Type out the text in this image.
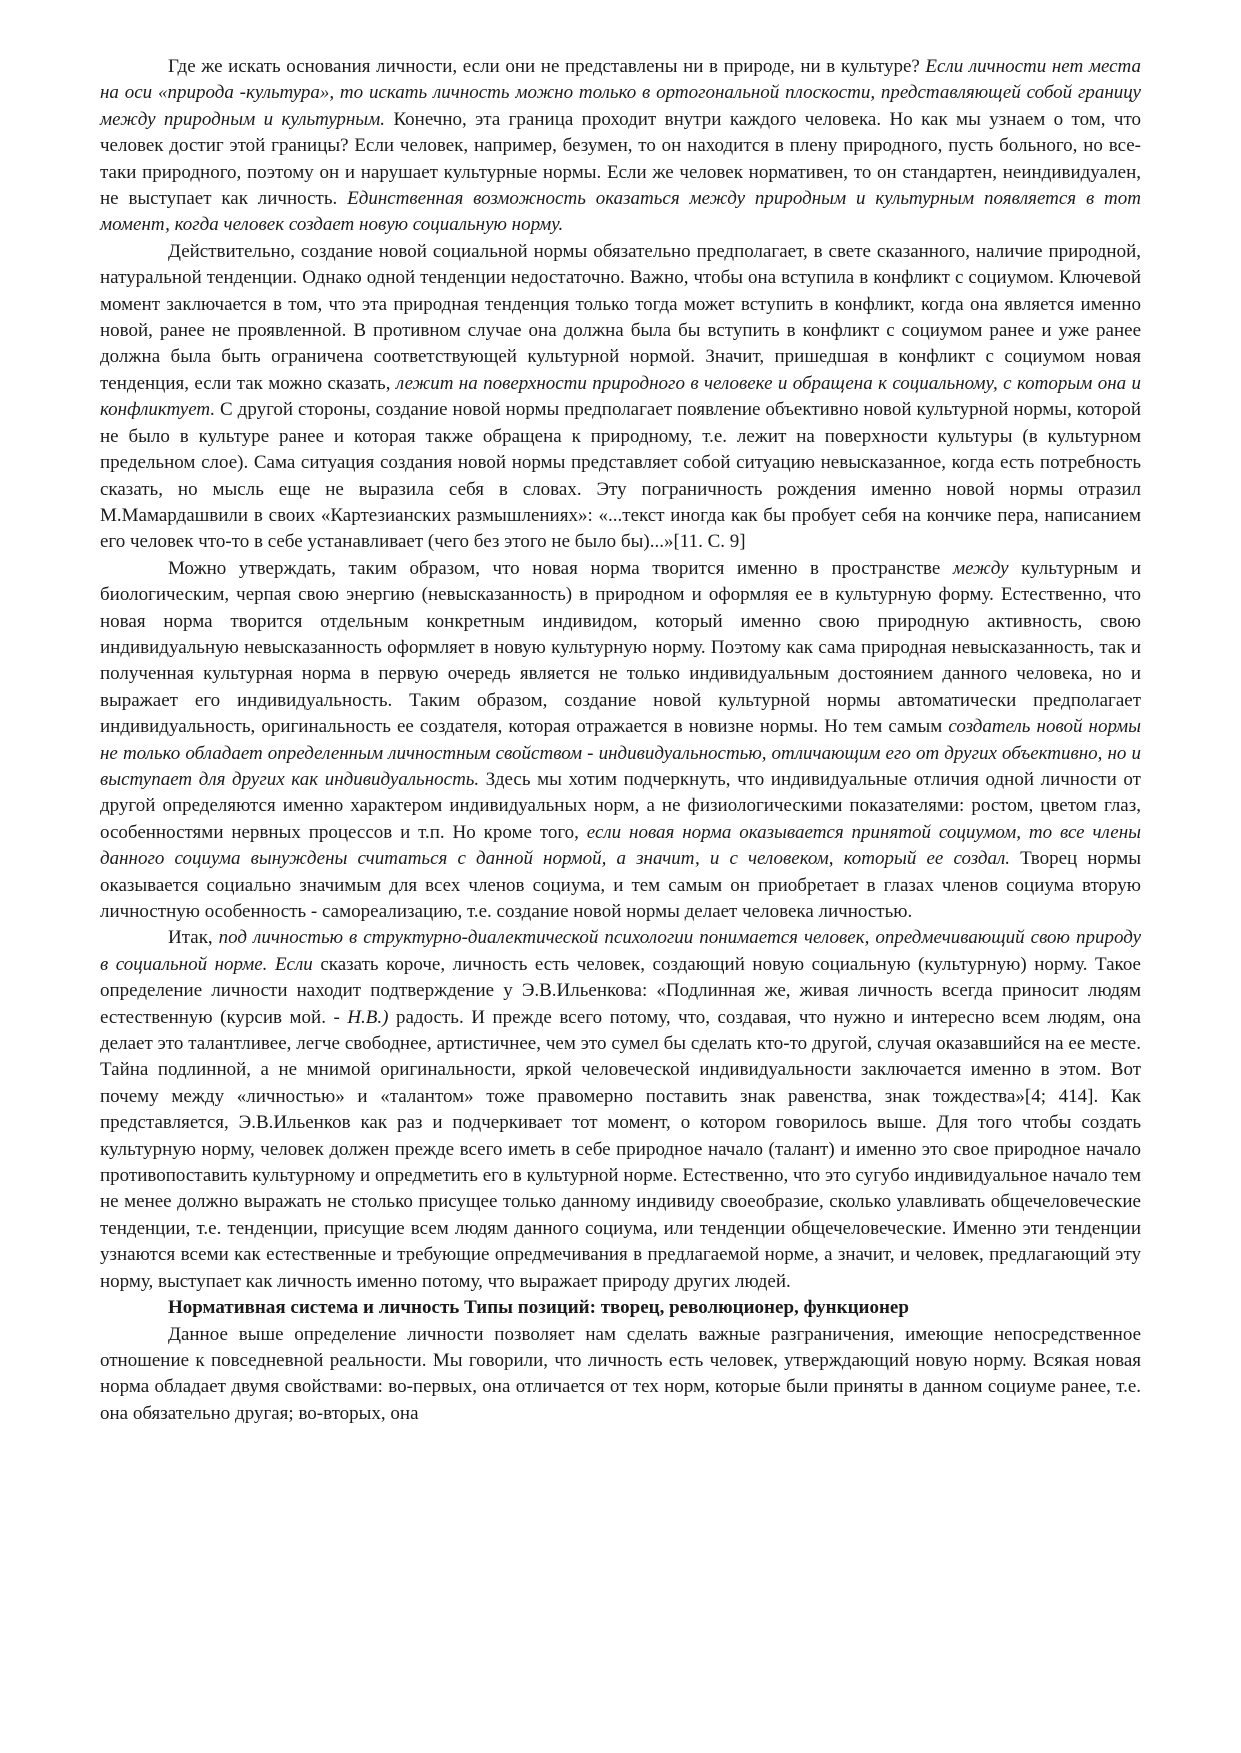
Где же искать основания личности, если они не представлены ни в природе, ни в культуре? Если личности нет места на оси «природа -культура», то искать личность можно только в ортогональной плоскости, представляющей собой границу между природным и культурным. Конечно, эта граница проходит внутри каждого человека. Но как мы узнаем о том, что человек достиг этой границы? Если человек, например, безумен, то он находится в плену природного, пусть больного, но все-таки природного, поэтому он и нарушает культурные нормы. Если же человек нормативен, то он стандартен, неиндивидуален, не выступает как личность. Единственная возможность оказаться между природным и культурным появляется в тот момент, когда человек создает новую социальную норму.

Действительно, создание новой социальной нормы обязательно предполагает, в свете сказанного, наличие природной, натуральной тенденции. Однако одной тенденции недостаточно. Важно, чтобы она вступила в конфликт с социумом. Ключевой момент заключается в том, что эта природная тенденция только тогда может вступить в конфликт, когда она является именно новой, ранее не проявленной. В противном случае она должна была бы вступить в конфликт с социумом ранее и уже ранее должна была быть ограничена соответствующей культурной нормой. Значит, пришедшая в конфликт с социумом новая тенденция, если так можно сказать, лежит на поверхности природного в человеке и обращена к социальному, с которым она и конфликтует. С другой стороны, создание новой нормы предполагает появление объективно новой культурной нормы, которой не было в культуре ранее и которая также обращена к природному, т.е. лежит на поверхности культуры (в культурном предельном слое). Сама ситуация создания новой нормы представляет собой ситуацию невысказанное, когда есть потребность сказать, но мысль еще не выразила себя в словах. Эту пограничность рождения именно новой нормы отразил М.Мамардашвили в своих «Картезианских размышлениях»: «...текст иногда как бы пробует себя на кончике пера, написанием его человек что-то в себе устанавливает (чего без этого не было бы)...»[11. С. 9]

Можно утверждать, таким образом, что новая норма творится именно в пространстве между культурным и биологическим, черпая свою энергию (невысказанность) в природном и оформляя ее в культурную форму. Естественно, что новая норма творится отдельным конкретным индивидом, который именно свою природную активность, свою индивидуальную невысказанность оформляет в новую культурную норму. Поэтому как сама природная невысказанность, так и полученная культурная норма в первую очередь является не только индивидуальным достоянием данного человека, но и выражает его индивидуальность. Таким образом, создание новой культурной нормы автоматически предполагает индивидуальность, оригинальность ее создателя, которая отражается в новизне нормы. Но тем самым создатель новой нормы не только обладает определенным личностным свойством - индивидуальностью, отличающим его от других объективно, но и выступает для других как индивидуальность. Здесь мы хотим подчеркнуть, что индивидуальные отличия одной личности от другой определяются именно характером индивидуальных норм, а не физиологическими показателями: ростом, цветом глаз, особенностями нервных процессов и т.п. Но кроме того, если новая норма оказывается принятой социумом, то все члены данного социума вынуждены считаться с данной нормой, а значит, и с человеком, который ее создал. Творец нормы оказывается социально значимым для всех членов социума, и тем самым он приобретает в глазах членов социума вторую личностную особенность - самореализацию, т.е. создание новой нормы делает человека личностью.

Итак, под личностью в структурно-диалектической психологии понимается человек, опредмечивающий свою природу в социальной норме. Если сказать короче, личность есть человек, создающий новую социальную (культурную) норму. Такое определение личности находит подтверждение у Э.В.Ильенкова: «Подлинная же, живая личность всегда приносит людям естественную (курсив мой. - Н.В.) радость. И прежде всего потому, что, создавая, что нужно и интересно всем людям, она делает это талантливее, легче свободнее, артистичнее, чем это сумел бы сделать кто-то другой, случая оказавшийся на ее месте. Тайна подлинной, а не мнимой оригинальности, яркой человеческой индивидуальности заключается именно в этом. Вот почему между «личностью» и «талантом» тоже правомерно поставить знак равенства, знак тождества»[4; 414]. Как представляется, Э.В.Ильенков как раз и подчеркивает тот момент, о котором говорилось выше. Для того чтобы создать культурную норму, человек должен прежде всего иметь в себе природное начало (талант) и именно это свое природное начало противопоставить культурному и опредметить его в культурной норме. Естественно, что это сугубо индивидуальное начало тем не менее должно выражать не столько присущее только данному индивиду своеобразие, сколько улавливать общечеловеческие тенденции, т.е. тенденции, присущие всем людям данного социума, или тенденции общечеловеческие. Именно эти тенденции узнаются всеми как естественные и требующие опредмечивания в предлагаемой норме, а значит, и человек, предлагающий эту норму, выступает как личность именно потому, что выражает природу других людей.

Нормативная система и личность Типы позиций: творец, революционер, функционер

Данное выше определение личности позволяет нам сделать важные разграничения, имеющие непосредственное отношение к повседневной реальности. Мы говорили, что личность есть человек, утверждающий новую норму. Всякая новая норма обладает двумя свойствами: во-первых, она отличается от тех норм, которые были приняты в данном социуме ранее, т.е. она обязательно другая; во-вторых, она
